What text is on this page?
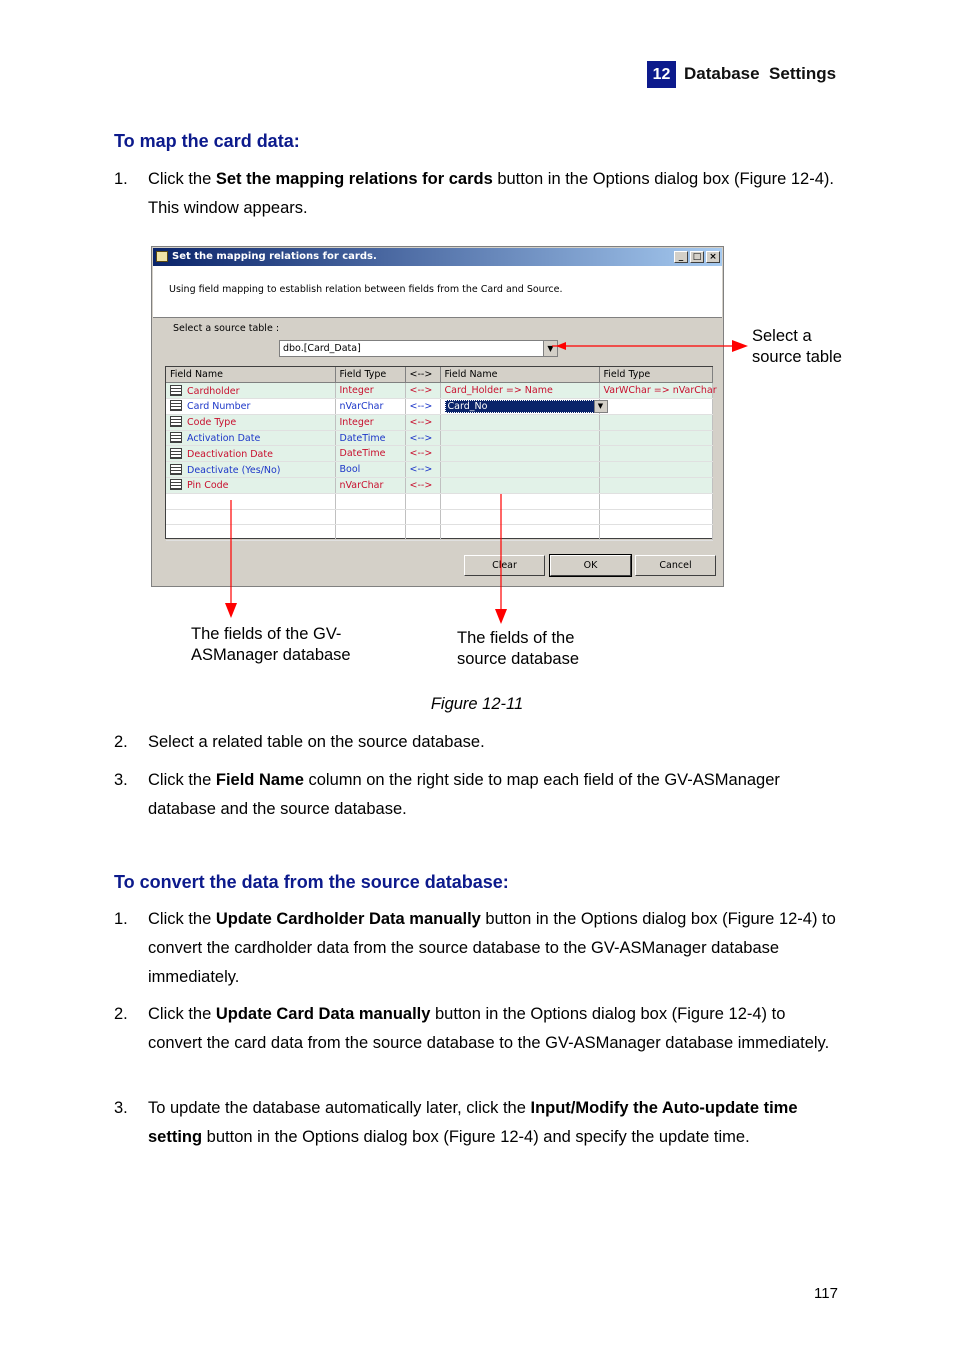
12 Database  Settings
To map the card data:
1. Click the Set the mapping relations for cards button in the Options dialog box (Figure 12-4). This window appears.
Set the mapping relations for cards.	_	□ ×
Using field mapping to establish relation between fields from the Card and Source.
Select a source table :
dbo.[Card_Data]	▼
Field Name	Field Type	<-->	Field Name	Field Type
Cardholder	Integer	<-->	Card_Holder => Name	VarWChar => nVarChar
Card Number	nVarChar	<-->	Card_No ▼	

Code Type	Integer	<-->		
Activation Date	DateTime	<-->		
Deactivation Date	DateTime	<-->		
Deactivate (Yes/No)	Bool	<-->		
Pin Code	nVarChar	<-->		

Clear	OK	Cancel
Select a
source table
The fields of the GV-
ASManager database
The fields of the
source database
Figure 12-11
2. Select a related table on the source database.
3. Click the Field Name column on the right side to map each field of the GV-ASManager database and the source database.
To convert the data from the source database:
1. Click the Update Cardholder Data manually button in the Options dialog box (Figure 12-4) to convert the cardholder data from the source database to the GV-ASManager database immediately.
2. Click the Update Card Data manually button in the Options dialog box (Figure 12-4) to convert the card data from the source database to the GV-ASManager database immediately.
3. To update the database automatically later, click the Input/Modify the Auto-update time setting button in the Options dialog box (Figure 12-4) and specify the update time.
117
